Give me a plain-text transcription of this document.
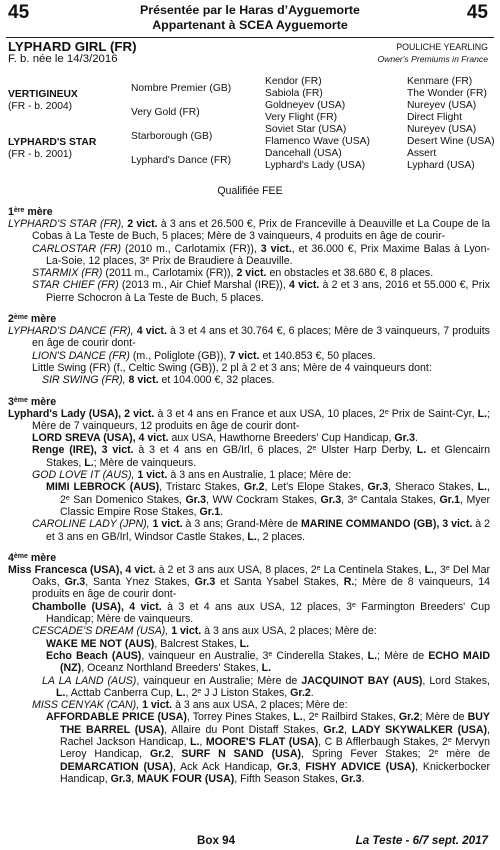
45	45
Présentée par le Haras d’Ayguemorte
Appartenant à SCEA Ayguemorte
LYPHARD GIRL (FR)
F. b. née le 14/3/2016
POULICHE YEARLING
Owner's Premiums in France
VERTIGINEUX
(FR - b. 2004)
LYPHARD'S STAR
(FR - b. 2001)
Nombre Premier (GB)
Very Gold (FR)
Starborough (GB)
Lyphard's Dance (FR)
Kendor (FR)
Sabiola (FR)
Goldneyev (USA)
Very Flight (FR)
Soviet Star (USA)
Flamenco Wave (USA)
Dancehall (USA)
Lyphard's Lady (USA)
Kenmare (FR)
The Wonder (FR)
Nureyev (USA)
Direct Flight
Nureyev (USA)
Desert Wine (USA)
Assert
Lyphard (USA)
Qualifiée FEE
1ère mère
LYPHARD'S STAR (FR), 2 vict. à 3 ans et 26.500 €, Prix de Franceville à Deauville et La Coupe de la Cobas à La Teste de Buch, 5 places; Mère de 3 vainqueurs, 4 produits en âge de courir-
CARLOSTAR (FR) (2010 m., Carlotamix (FR)), 3 vict., et 36.000 €, Prix Maxime Balas à Lyon-La-Soie, 12 places, 3e Prix de Braudiere à Deauville.
STARMIX (FR) (2011 m., Carlotamix (FR)), 2 vict. en obstacles et 38.680 €, 8 places.
STAR CHIEF (FR) (2013 m., Air Chief Marshal (IRE)), 4 vict. à 2 et 3 ans, 2016 et 55.000 €, Prix Pierre Schocron à La Teste de Buch, 5 places.
2ème mère
LYPHARD'S DANCE (FR), 4 vict. à 3 et 4 ans et 30.764 €, 6 places; Mère de 3 vainqueurs, 7 produits en âge de courir dont-
LION'S DANCE (FR) (m., Poliglote (GB)), 7 vict. et 140.853 €, 50 places.
Little Swing (FR) (f., Celtic Swing (GB)), 2 pl à 2 et 3 ans; Mère de 4 vainqueurs dont:
SIR SWING (FR), 8 vict. et 104.000 €, 32 places.
3ème mère
Lyphard's Lady (USA), 2 vict. à 3 et 4 ans en France et aux USA, 10 places, 2e Prix de Saint-Cyr, L.; Mère de 7 vainqueurs, 12 produits en âge de courir dont-
LORD SREVA (USA), 4 vict. aux USA, Hawthorne Breeders' Cup Handicap, Gr.3.
Renge (IRE), 3 vict. à 3 et 4 ans en GB/Irl, 6 places, 2e Ulster Harp Derby, L. et Glencairn Stakes, L.; Mère de vainqueurs.
GOD LOVE IT (AUS), 1 vict. à 3 ans en Australie, 1 place; Mère de:
MIMI LEBROCK (AUS), Tristarc Stakes, Gr.2, Let's Elope Stakes, Gr.3, Sheraco Stakes, L., 2e San Domenico Stakes, Gr.3, WW Cockram Stakes, Gr.3, 3e Cantala Stakes, Gr.1, Myer Classic Empire Rose Stakes, Gr.1.
CAROLINE LADY (JPN), 1 vict. à 3 ans; Grand-Mère de MARINE COMMANDO (GB), 3 vict. à 2 et 3 ans en GB/Irl, Windsor Castle Stakes, L., 2 places.
4ème mère
Miss Francesca (USA), 4 vict. à 2 et 3 ans aux USA, 8 places, 2e La Centinela Stakes, L., 3e Del Mar Oaks, Gr.3, Santa Ynez Stakes, Gr.3 et Santa Ysabel Stakes, R.; Mère de 8 vainqueurs, 14 produits en âge de courir dont-
Chambolle (USA), 4 vict. à 3 et 4 ans aux USA, 12 places, 3e Farmington Breeders' Cup Handicap; Mère de vainqueurs.
CESCADE'S DREAM (USA), 1 vict. à 3 ans aux USA, 2 places; Mère de:
WAKE ME NOT (AUS), Balcrest Stakes, L.
Echo Beach (AUS), vainqueur en Australie, 3e Cinderella Stakes, L.; Mère de ECHO MAID (NZ), Oceanz Northland Breeders' Stakes, L.
LA LA LAND (AUS), vainqueur en Australie; Mère de JACQUINOT BAY (AUS), Lord Stakes, L., Acttab Canberra Cup, L., 2e J J Liston Stakes, Gr.2.
MISS CENYAK (CAN), 1 vict. à 3 ans aux USA, 2 places; Mère de:
AFFORDABLE PRICE (USA), Torrey Pines Stakes, L., 2e Railbird Stakes, Gr.2; Mère de BUY THE BARREL (USA), Allaire du Pont Distaff Stakes, Gr.2, LADY SKYWALKER (USA), Rachel Jackson Handicap, L., MOORE'S FLAT (USA), C B Afflerbaugh Stakes, 2e Mervyn Leroy Handicap, Gr.2, SURF N SAND (USA), Spring Fever Stakes; 2e mère de DEMARCATION (USA), Ack Ack Handicap, Gr.3, FISHY ADVICE (USA), Knickerbocker Handicap, Gr.3, MAUK FOUR (USA), Fifth Season Stakes, Gr.3.
Box 94	La Teste - 6/7 sept. 2017
